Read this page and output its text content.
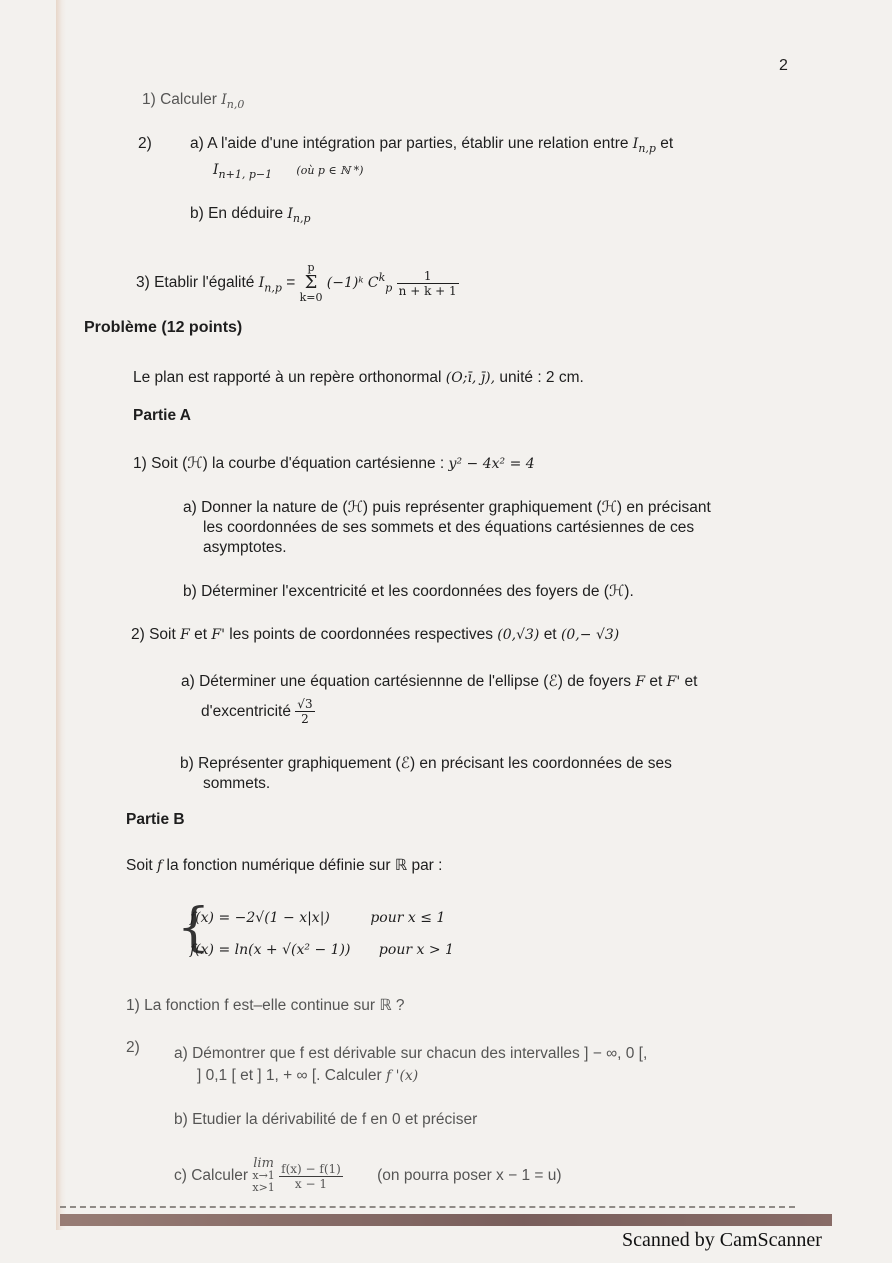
2
1) Calculer $I_{n,0}$
2) a) A l'aide d'une intégration par parties, établir une relation entre $I_{n,p}$ et
$I_{n+1, p-1}$ (où p ∈ ℕ *)
b) En déduire $I_{n,p}$
3) Etablir l'égalité $I_{n,p}$ =
p
Σ
k=0
(−1)ᵏ $C^k_p \frac{1}{n + k + 1}$
Problème (12 points)
Le plan est rapporté à un repère orthonormal (O;ī, j̄), unité : 2 cm.
Partie A
1) Soit (ℋ) la courbe d'équation cartésienne : y² − 4x² = 4
a) Donner la nature de (ℋ) puis représenter graphiquement (ℋ) en précisant
les coordonnées de ses sommets et des équations cartésiennes de ces
asymptotes.
b) Déterminer l'excentricité et les coordonnées des foyers de (ℋ).
2) Soit F et F' les points de coordonnées respectives (0,√3) et (0,− √3)
a) Déterminer une équation cartésiennne de l'ellipse (ℰ) de foyers F et F' et
d'excentricité $\frac{√3}{2}$
b) Représenter graphiquement (ℰ) en précisant les coordonnées de ses
sommets.
Partie B
Soit f la fonction numérique définie sur ℝ par :
{
f(x) = −2√(1 − x|x|)	pour x ≤ 1
f(x) = ln(x + √(x² − 1)) pour x > 1
1) La fonction f est–elle continue sur ℝ ?
2) a) Démontrer que f est dérivable sur chacun des intervalles ] − ∞, 0 [,
] 0,1 [ et ] 1, + ∞ [. Calculer f '(x)
b) Etudier la dérivabilité de f en 0 et préciser
c) Calculer
lim
x→1
x>1
$\frac{f(x) - f(1)}{x - 1} (on$ pourra poser x − 1 = u)
Scanned by CamScanner
